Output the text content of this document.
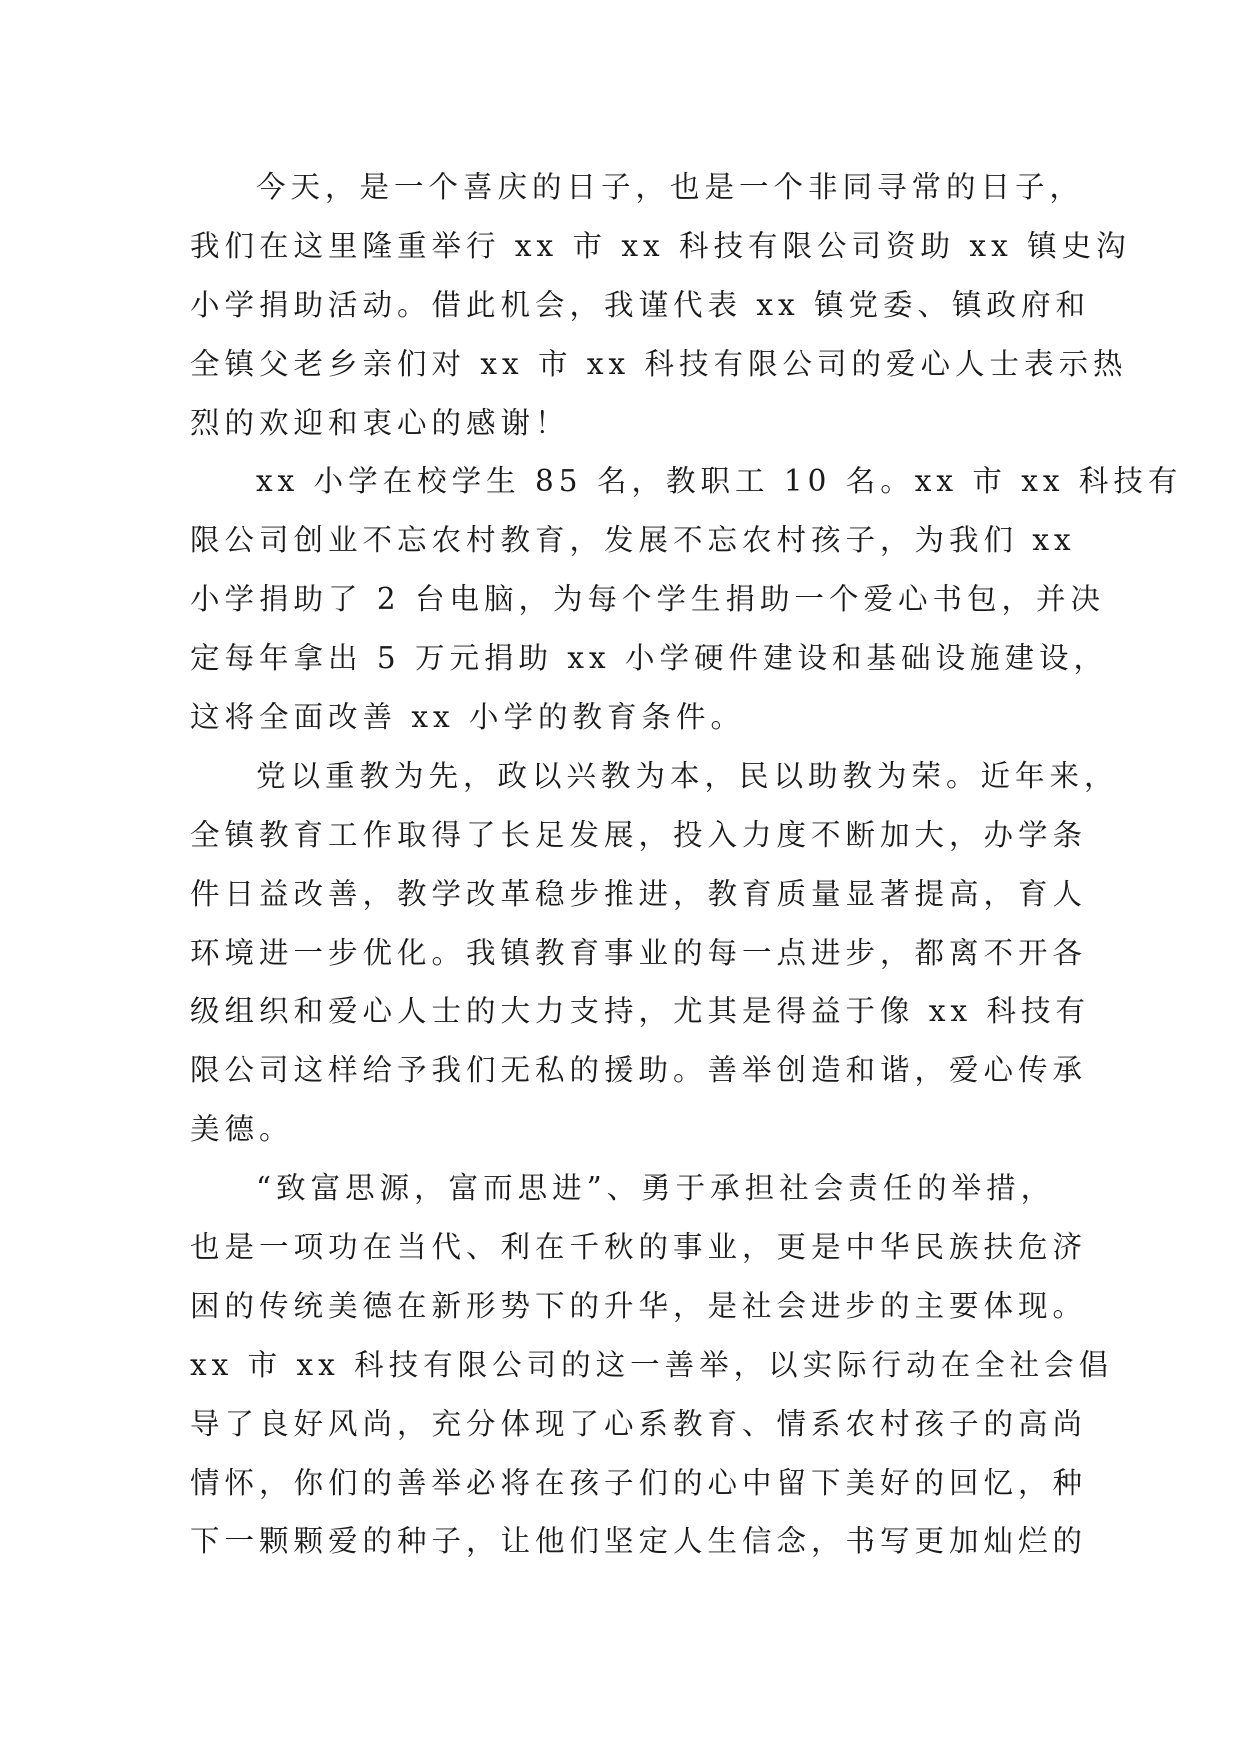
今天，是一个喜庆的日子，也是一个非同寻常的日子，
我们在这里隆重举行 xx 市 xx 科技有限公司资助 xx 镇史沟
小学捐助活动。借此机会，我谨代表 xx 镇党委、镇政府和
全镇父老乡亲们对 xx 市 xx 科技有限公司的爱心人士表示热
烈的欢迎和衷心的感谢！
xx 小学在校学生 85 名，教职工 10 名。xx 市 xx 科技有
限公司创业不忘农村教育，发展不忘农村孩子，为我们 xx
小学捐助了 2 台电脑，为每个学生捐助一个爱心书包，并决
定每年拿出 5 万元捐助 xx 小学硬件建设和基础设施建设，
这将全面改善 xx 小学的教育条件。
党以重教为先，政以兴教为本，民以助教为荣。近年来，
全镇教育工作取得了长足发展，投入力度不断加大，办学条
件日益改善，教学改革稳步推进，教育质量显著提高，育人
环境进一步优化。我镇教育事业的每一点进步，都离不开各
级组织和爱心人士的大力支持，尤其是得益于像 xx 科技有
限公司这样给予我们无私的援助。善举创造和谐，爱心传承
美德。
“致富思源，富而思进”、勇于承担社会责任的举措，
也是一项功在当代、利在千秋的事业，更是中华民族扶危济
困的传统美德在新形势下的升华，是社会进步的主要体现。
xx 市 xx 科技有限公司的这一善举，以实际行动在全社会倡
导了良好风尚，充分体现了心系教育、情系农村孩子的高尚
情怀，你们的善举必将在孩子们的心中留下美好的回忆，种
下一颗颗爱的种子，让他们坚定人生信念，书写更加灿烂的
